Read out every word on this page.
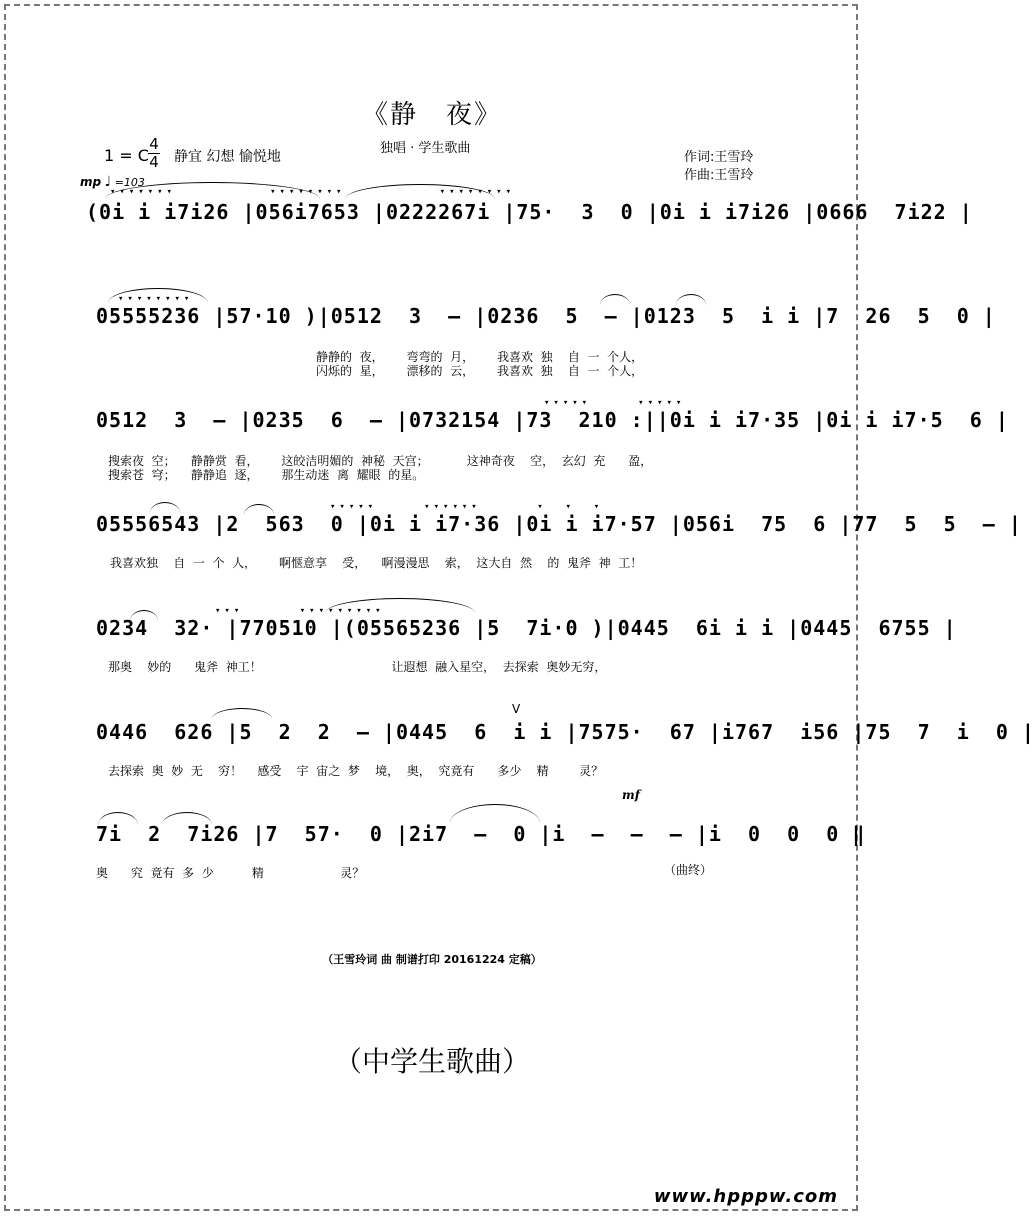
《静　夜》
独唱 · 学生歌曲
作词:王雪玲
作曲:王雪玲
1 = C
4
4 静宜 幻想 愉悦地
mp ♩ =103
▾▾▾▾▾▾▾          ▾▾▾▾▾▾▾▾          ▾▾▾▾▾▾▾▾
(0i i i7i26 |056i7653 |0222267i |75·  3  0 |0i i i7i26 |0666  7i22 |
▾▾▾▾▾▾▾▾
05555236 |57·10 )|0512  3  – |0236  5  – |0123  5  i i |7  26  5  0 |
静静的  夜，      弯弯的  月，      我喜欢  独    自  一  个人，
闪烁的  星，      漂移的  云，      我喜欢  独    自  一  个人，
▾▾▾▾▾     ▾▾▾▾▾
0512  3  – |0235  6  – |0732154 |73  210 :||0i i i7·35 |0i i i7·5  6 |
搜索夜  空；    静静赏  看，      这皎洁明媚的  神秘  天宫；          这神奇夜    空，  玄幻  充      盈，
搜索苍  穹；    静静追  逐，      那生动迷  离  耀眼  的星。
▾▾▾▾▾     ▾▾▾▾▾▾      ▾  ▾  ▾
05556543 |2  563  0 |0i i i7·36 |0i i i7·57 |056i  75  6 |77  5  5  – |
我喜欢独    自  一  个  人，      啊惬意享    受，    啊漫漫思    索，  这大自  然    的  鬼斧  神  工！
▾▾▾      ▾▾▾▾▾▾▾▾▾
0234  32· |770510 |(05565236 |5  7i·0 )|0445  6i i i |0445  6755 |
那奥    妙的      鬼斧  神工！                                  让遐想  融入星空，  去探索  奥妙无穷，
V
0446  626 |5  2  2  – |0445  6  i i |7575·  67 |i767  i56 |75  7  i  0 |
去探索  奥  妙  无    穷！    感受    宇  宙之  梦    境，  奥，  究竟有      多少    精        灵？
mf
7i  2  7i26 |7  57·  0 |2i7  –  0 |i  –  –  – |i  0  0  0 ‖
奥      究  竟有  多  少          精                    灵？	（曲终）
（王雪玲词 曲 制谱打印 20161224 定稿）
（中学生歌曲）
www.hpppw.com
